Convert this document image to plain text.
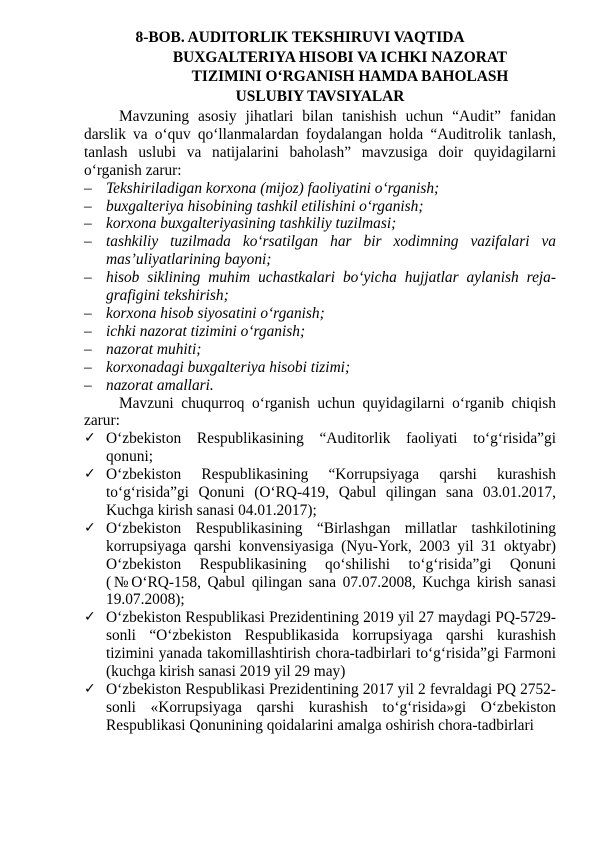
8-BOB. AUDITORLIK TEKSHIRUVI VAQTIDA
BUXGALTERIYA HISOBI VA ICHKI NAZORAT
TIZIMINI O‘RGANISH HAMDA BAHOLASH
USLUBIY TAVSIYALAR

Mavzuning asosiy jihatlari bilan tanishish uchun “Audit” fanidan darslik va o‘quv qo‘llanmalardan foydalangan holda “Auditrolik tanlash, tanlash uslubi va natijalarini baholash” mavzusiga doir quyidagilarni o‘rganish zarur:

– Tekshiriladigan korxona (mijoz) faoliyatini o‘rganish;
– buxgalteriya hisobining tashkil etilishini o‘rganish;
– korxona buxgalteriyasining tashkiliy tuzilmasi;
– tashkiliy tuzilmada ko‘rsatilgan har bir xodimning vazifalari va mas’uliyatlarining bayoni;
– hisob siklining muhim uchastkalari bo‘yicha hujjatlar aylanish reja-grafigini tekshirish;
– korxona hisob siyosatini o‘rganish;
– ichki nazorat tizimini o‘rganish;
– nazorat muhiti;
– korxonadagi buxgalteriya hisobi tizimi;
– nazorat amallari.

Mavzuni chuqurroq o‘rganish uchun quyidagilarni o‘rganib chiqish zarur:

✓ O‘zbekiston Respublikasining “Auditorlik faoliyati to‘g‘risida”gi qonuni;
✓ O‘zbekiston Respublikasining “Korrupsiyaga qarshi kurashish to‘g‘risida”gi Qonuni (O‘RQ-419, Qabul qilingan sana 03.01.2017, Kuchga kirish sanasi 04.01.2017);
✓ O‘zbekiston Respublikasining “Birlashgan millatlar tashkilotining korrupsiyaga qarshi konvensiyasiga (Nyu-York, 2003 yil 31 oktyabr) O‘zbekiston Respublikasining qo‘shilishi to‘g‘risida”gi Qonuni (№O‘RQ-158, Qabul qilingan sana 07.07.2008, Kuchga kirish sanasi 19.07.2008);
✓ O‘zbekiston Respublikasi Prezidentining 2019 yil 27 maydagi PQ-5729-sonli “O‘zbekiston Respublikasida korrupsiyaga qarshi kurashish tizimini yanada takomillashtirish chora-tadbirlari to‘g‘risida”gi Farmoni (kuchga kirish sanasi 2019 yil 29 may)
✓ O‘zbekiston Respublikasi Prezidentining 2017 yil 2 fevraldagi PQ 2752-sonli «Korrupsiyaga qarshi kurashish to‘g‘risida»gi O‘zbekiston Respublikasi Qonunining qoidalarini amalga oshirish chora-tadbirlari
